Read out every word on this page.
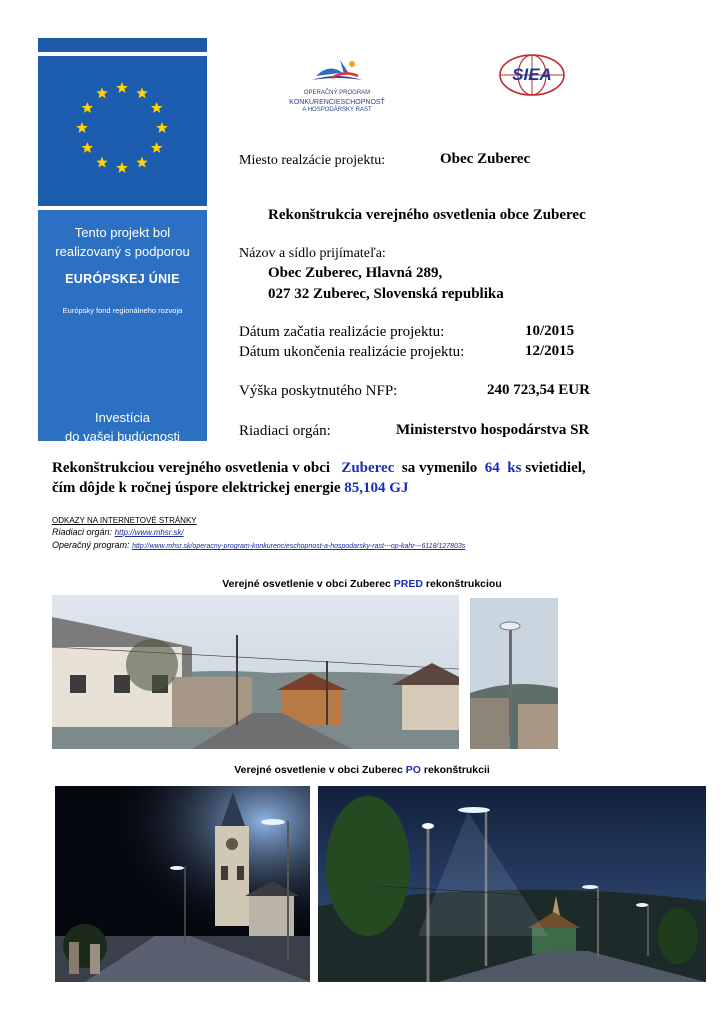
Tento projekt bol
realizovaný s podporou
EURÓPSKEJ ÚNIE
Európsky fond regionálneho rozvoja
Investícia
do vašej budúcnosti
OPERAČNÝ PROGRAM
KONKURENCIESCHOPNOSŤ
A HOSPODÁRSKY RAST
SIEA
Miesto realzácie projektu:	Obec Zuberec
Rekonštrukcia verejného osvetlenia obce Zuberec
Názov a sídlo prijímateľa:
Obec Zuberec, Hlavná 289,
027 32 Zuberec, Slovenská republika
Dátum začatia realizácie projektu:	10/2015
Dátum ukončenia realizácie projektu:	12/2015
Výška poskytnutého NFP:	240 723,54 EUR
Riadiaci orgán:	Ministerstvo hospodárstva SR
Rekonštrukciou verejného osvetlenia v obci Zuberec sa vymenilo 64 ks svietidiel,
čím dôjde k ročnej úspore elektrickej energie 85,104 GJ
ODKAZY NA INTERNETOVÉ STRÁNKY
Riadiaci orgán: http://www.mhsr.sk/
Operačný program: http://www.mhsr.sk/operacny-program-konkurencieschopnost-a-hospodarsky-rast---op-kahr---6118/127803s
Verejné osvetlenie v obci Zuberec PRED rekonštrukciou
Verejné osvetlenie v obci Zuberec PO rekonštrukcii
